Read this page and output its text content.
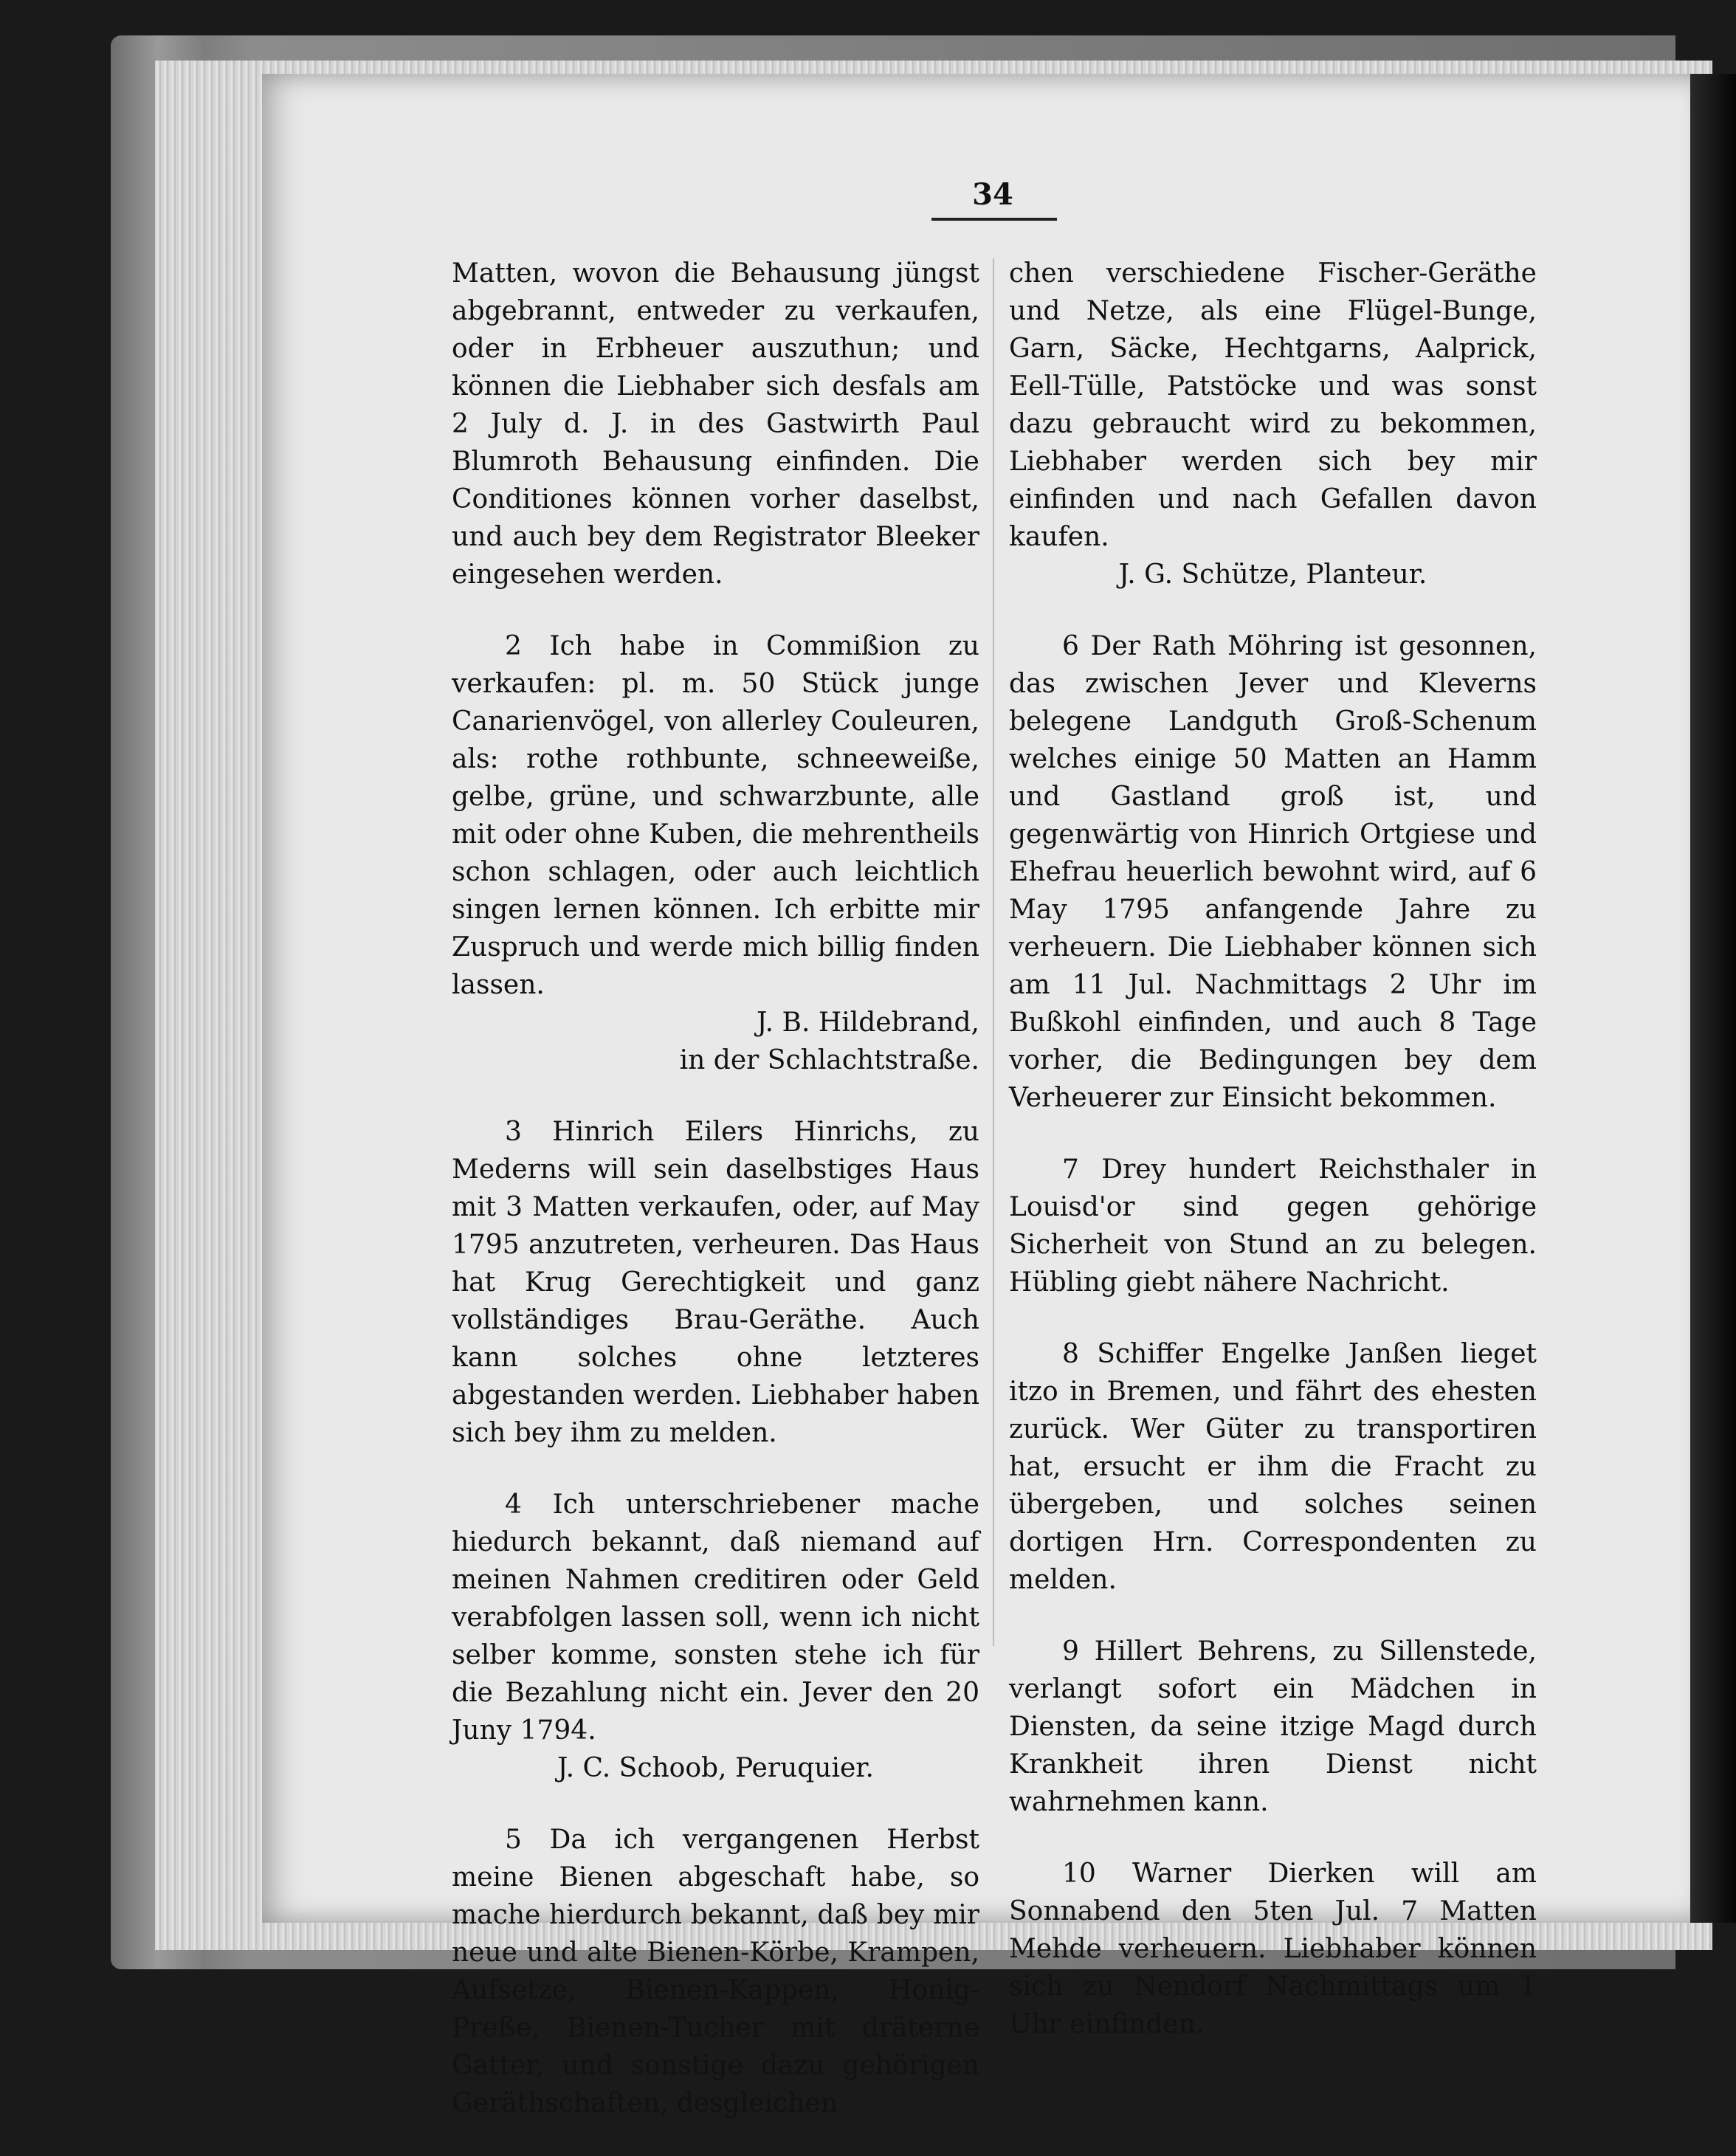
34

Matten, wovon die Behausung jüngst abgebrannt, entweder zu verkaufen, oder in Erbheuer auszuthun; und können die Liebhaber sich desfals am 2 July d. J. in des Gastwirth Paul Blumroth Behausung einfinden. Die Conditiones können vorher daselbst, und auch bey dem Registrator Bleeker eingesehen werden.

2 Ich habe in Commißion zu verkaufen: pl. m. 50 Stück junge Canarienvögel, von allerley Couleuren, als: rothe rothbunte, schneeweiße, gelbe, grüne, und schwarzbunte, alle mit oder ohne Kuben, die mehrentheils schon schlagen, oder auch leichtlich singen lernen können. Ich erbitte mir Zuspruch und werde mich billig finden lassen.

J. B. Hildebrand,

in der Schlachtstraße.

3 Hinrich Eilers Hinrichs, zu Mederns will sein daselbstiges Haus mit 3 Matten verkaufen, oder, auf May 1795 anzutreten, verheuren. Das Haus hat Krug Gerechtigkeit und ganz vollständiges Brau-Geräthe. Auch kann solches ohne letzteres abgestanden werden. Liebhaber haben sich bey ihm zu melden.

4 Ich unterschriebener mache hiedurch bekannt, daß niemand auf meinen Nahmen creditiren oder Geld verabfolgen lassen soll, wenn ich nicht selber komme, sonsten stehe ich für die Bezahlung nicht ein. Jever den 20 Juny 1794.

J. C. Schoob, Peruquier.

5 Da ich vergangenen Herbst meine Bienen abgeschaft habe, so mache hierdurch bekannt, daß bey mir neue und alte Bienen-Körbe, Krampen, Aufsetze, Bienen-Kappen, Honig-Preße, Bienen-Tucher mit dräterne Gatter, und sonstige dazu gehörigen Geräthschaften, desgleichen

chen verschiedene Fischer-Geräthe und Netze, als eine Flügel-Bunge, Garn, Säcke, Hechtgarns, Aalprick, Eell-Tülle, Patstöcke und was sonst dazu gebraucht wird zu bekommen, Liebhaber werden sich bey mir einfinden und nach Gefallen davon kaufen.

J. G. Schütze, Planteur.

6 Der Rath Möhring ist gesonnen, das zwischen Jever und Kleverns belegene Landguth Groß-Schenum welches einige 50 Matten an Hamm und Gastland groß ist, und gegenwärtig von Hinrich Ortgiese und Ehefrau heuerlich bewohnt wird, auf 6 May 1795 anfangende Jahre zu verheuern. Die Liebhaber können sich am 11 Jul. Nachmittags 2 Uhr im Bußkohl einfinden, und auch 8 Tage vorher, die Bedingungen bey dem Verheuerer zur Einsicht bekommen.

7 Drey hundert Reichsthaler in Louisd'or sind gegen gehörige Sicherheit von Stund an zu belegen. Hübling giebt nähere Nachricht.

8 Schiffer Engelke Janßen lieget itzo in Bremen, und fährt des ehesten zurück. Wer Güter zu transportiren hat, ersucht er ihm die Fracht zu übergeben, und solches seinen dortigen Hrn. Correspondenten zu melden.

9 Hillert Behrens, zu Sillenstede, verlangt sofort ein Mädchen in Diensten, da seine itzige Magd durch Krankheit ihren Dienst nicht wahrnehmen kann.

10 Warner Dierken will am Sonnabend den 5ten Jul. 7 Matten Mehde verheuern. Liebhaber können sich zu Nendorf Nachmittags um 1 Uhr einfinden.
